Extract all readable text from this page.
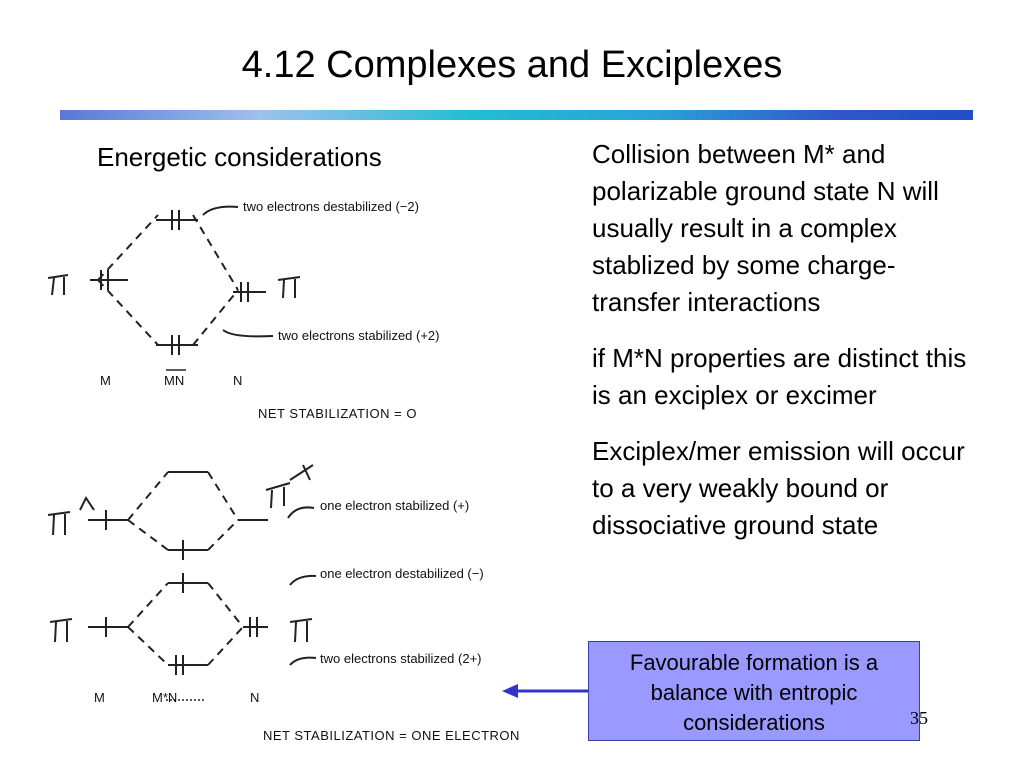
4.12 Complexes and Exciplexes
Energetic considerations
two electrons destabilized (−2)
two electrons stabilized (+2)
M	MN	N
NET STABILIZATION = O
one electron stabilized (+)
one electron destabilized (−)
two electrons stabilized (2+)
M	M*N	N
NET STABILIZATION = ONE ELECTRON

Collision between M* and polarizable ground state N will usually result in a complex stablized by some charge-transfer interactions

if M*N properties are distinct this is an exciplex or excimer

Exciplex/mer emission will occur to a very weakly bound or dissociative ground state

Favourable formation is a balance with entropic considerations	35
